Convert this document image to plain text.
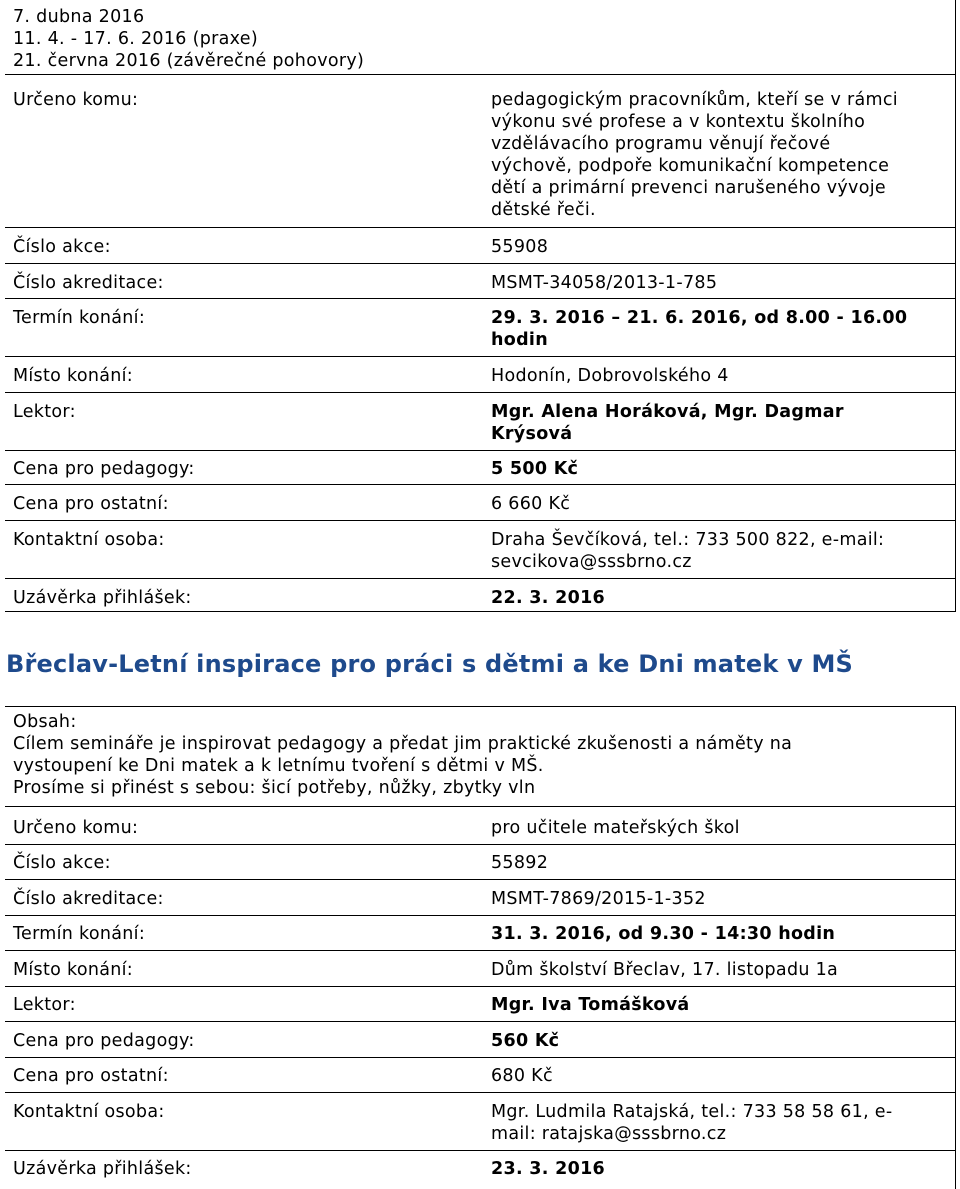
7. dubna 2016
11. 4. - 17. 6. 2016 (praxe)
21. června 2016 (závěrečné pohovory)
Určeno komu:	pedagogickým pracovníkům, kteří se v rámci
výkonu své profese a v kontextu školního
vzdělávacího programu věnují řečové
výchově, podpoře komunikační kompetence
dětí a primární prevenci narušeného vývoje
dětské řeči.
Číslo akce:	55908
Číslo akreditace:	MSMT-34058/2013-1-785
Termín konání:	29. 3. 2016 – 21. 6. 2016, od 8.00 - 16.00
hodin
Místo konání:	Hodonín, Dobrovolského 4
Lektor:	Mgr. Alena Horáková, Mgr. Dagmar
Krýsová
Cena pro pedagogy:	5 500 Kč
Cena pro ostatní:	6 660 Kč
Kontaktní osoba:	Draha Ševčíková, tel.: 733 500 822, e-mail:
sevcikova@sssbrno.cz
Uzávěrka přihlášek:	22. 3. 2016
Břeclav-Letní inspirace pro práci s dětmi a ke Dni matek v MŠ
Obsah:
Cílem semináře je inspirovat pedagogy a předat jim praktické zkušenosti a náměty na
vystoupení ke Dni matek a k letnímu tvoření s dětmi v MŠ.
Prosíme si přinést s sebou: šicí potřeby, nůžky, zbytky vln
Určeno komu:	pro učitele mateřských škol
Číslo akce:	55892
Číslo akreditace:	MSMT-7869/2015-1-352
Termín konání:	31. 3. 2016, od 9.30 - 14:30 hodin
Místo konání:	Dům školství Břeclav, 17. listopadu 1a
Lektor:	Mgr. Iva Tomášková
Cena pro pedagogy:	560 Kč
Cena pro ostatní:	680 Kč
Kontaktní osoba:	Mgr. Ludmila Ratajská, tel.: 733 58 58 61, e-
mail: ratajska@sssbrno.cz
Uzávěrka přihlášek:	23. 3. 2016
